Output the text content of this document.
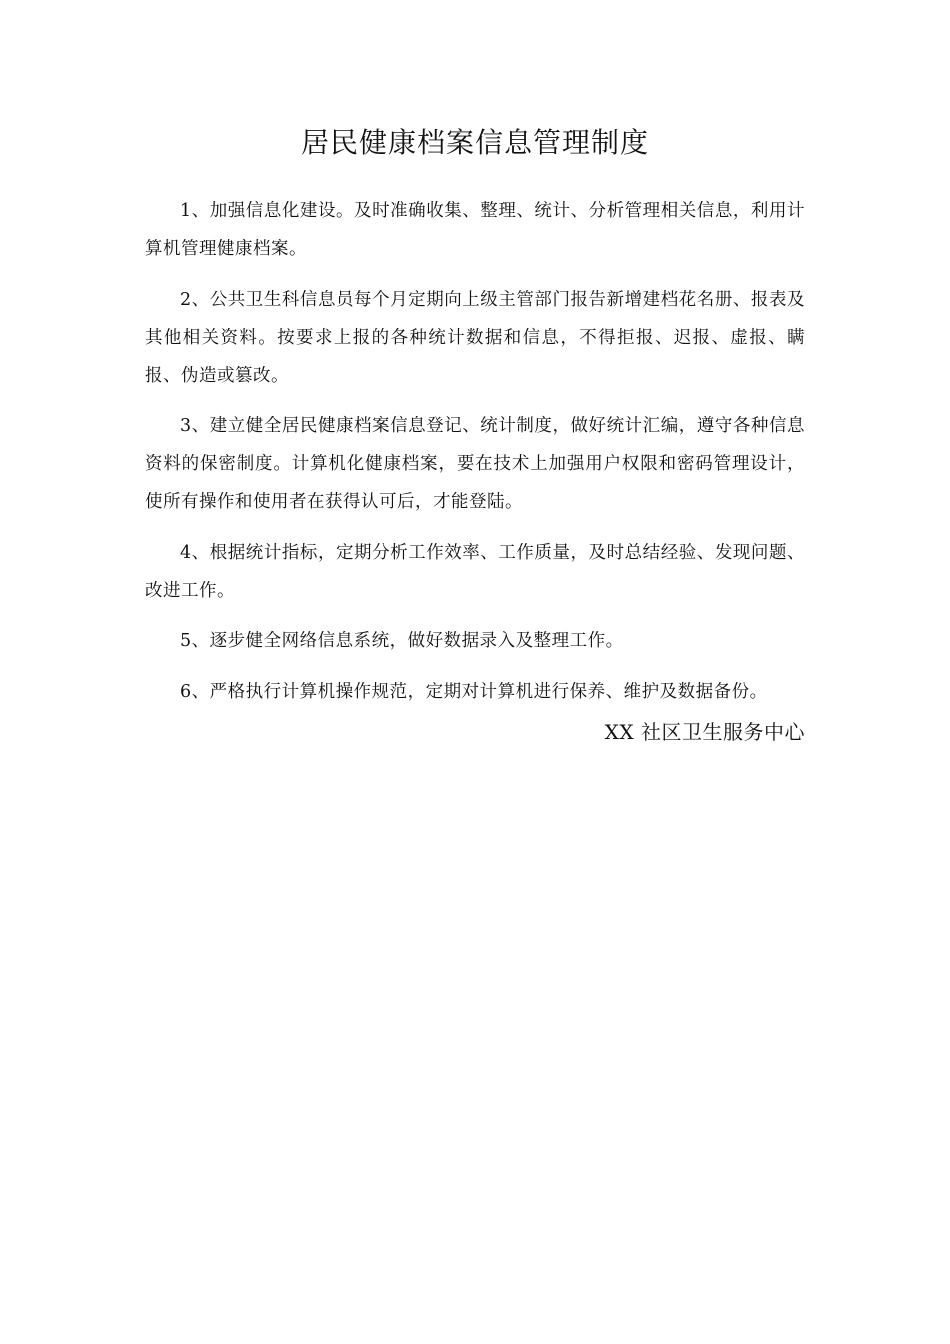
居民健康档案信息管理制度

1、加强信息化建设。及时准确收集、整理、统计、分析管理相关信息，利用计算机管理健康档案。

2、公共卫生科信息员每个月定期向上级主管部门报告新增建档花名册、报表及其他相关资料。按要求上报的各种统计数据和信息，不得拒报、迟报、虚报、瞒报、伪造或篡改。

3、建立健全居民健康档案信息登记、统计制度，做好统计汇编，遵守各种信息资料的保密制度。计算机化健康档案，要在技术上加强用户权限和密码管理设计，使所有操作和使用者在获得认可后，才能登陆。

4、根据统计指标，定期分析工作效率、工作质量，及时总结经验、发现问题、改进工作。

5、逐步健全网络信息系统，做好数据录入及整理工作。

6、严格执行计算机操作规范，定期对计算机进行保养、维护及数据备份。

XX 社区卫生服务中心
